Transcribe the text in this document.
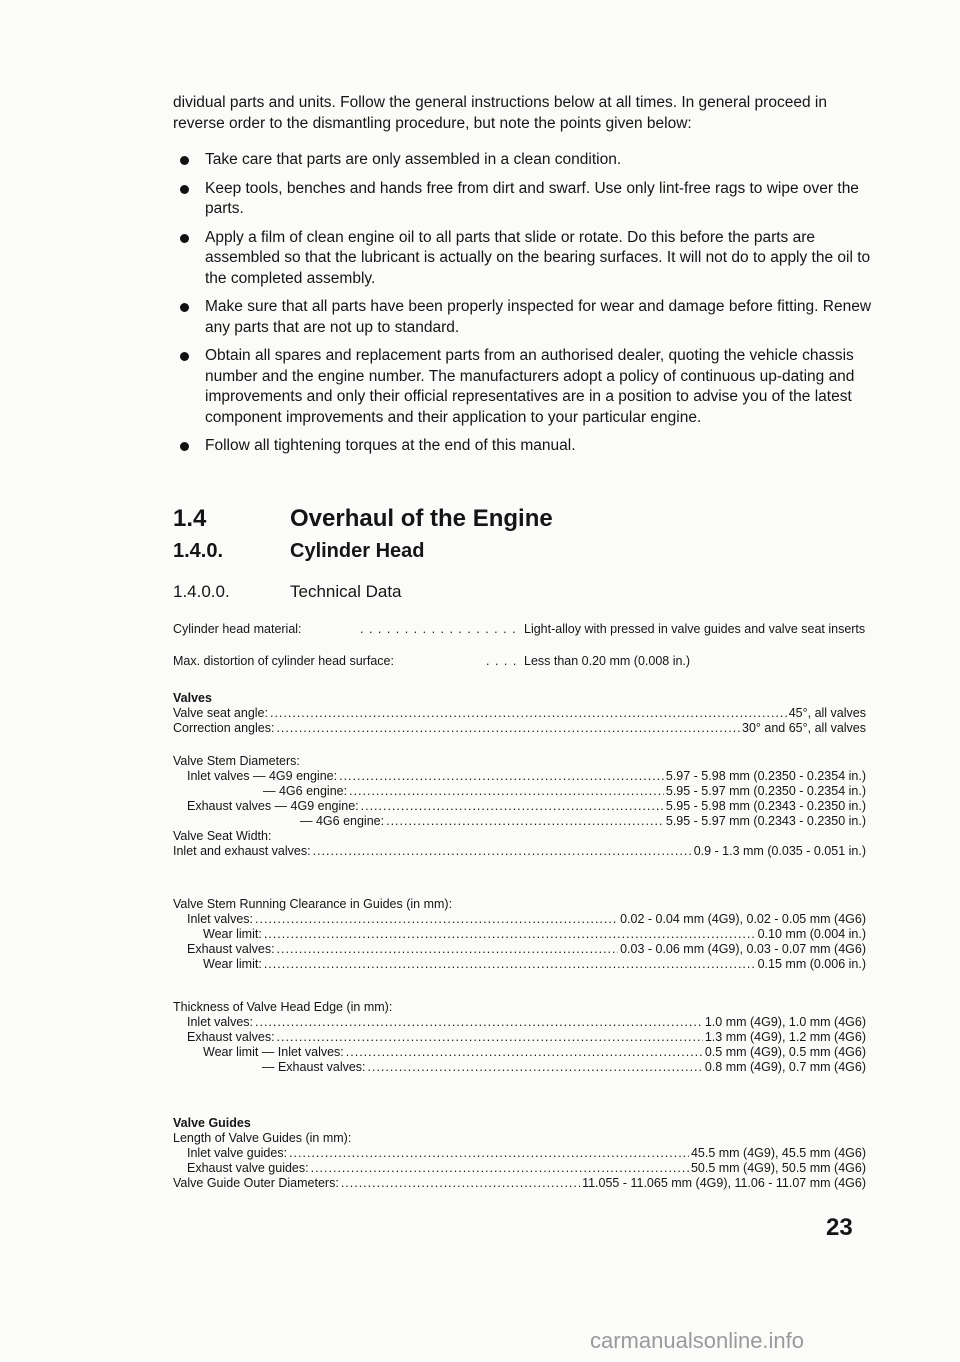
dividual parts and units. Follow the general instructions below at all times. In general proceed in reverse order to the dismantling procedure, but note the points given below:
Take care that parts are only assembled in a clean condition.
Keep tools, benches and hands free from dirt and swarf. Use only lint-free rags to wipe over the parts.
Apply a film of clean engine oil to all parts that slide or rotate. Do this before the parts are assembled so that the lubricant is actually on the bearing surfaces. It will not do to apply the oil to the completed assembly.
Make sure that all parts have been properly inspected for wear and damage before fitting. Renew any parts that are not up to standard.
Obtain all spares and replacement parts from an authorised dealer, quoting the vehicle chassis number and the engine number. The manufacturers adopt a policy of continuous up-dating and improvements and only their official representatives are in a position to advise you of the latest component improvements and their application to your particular engine.
Follow all tightening torques at the end of this manual.
1.4	Overhaul of the Engine
1.4.0.	Cylinder Head
1.4.0.0.	Technical Data
Cylinder head material:	. . . . . . . . . . . . . . . . . . Light-alloy with pressed in valve guides and valve seat inserts
Max. distortion of cylinder head surface:	. . . . Less than 0.20 mm (0.008 in.)
Valves
Valve seat angle: .....	45°, all valves
Correction angles: .....	30° and 65°, all valves
Valve Stem Diameters:
Inlet valves — 4G9 engine: .....	5.97 - 5.98 mm (0.2350 - 0.2354 in.)
— 4G6 engine: .....	5.95 - 5.97 mm (0.2350 - 0.2354 in.)
Exhaust valves — 4G9 engine: .....	5.95 - 5.98 mm (0.2343 - 0.2350 in.)
— 4G6 engine: .....	5.95 - 5.97 mm (0.2343 - 0.2350 in.)
Valve Seat Width:
Inlet and exhaust valves: .....	0.9 - 1.3 mm (0.035 - 0.051 in.)
Valve Stem Running Clearance in Guides (in mm):
Inlet valves: .....	0.02 - 0.04 mm (4G9), 0.02 - 0.05 mm (4G6)
Wear limit: .....	0.10 mm (0.004 in.)
Exhaust valves: .....	0.03 - 0.06 mm (4G9), 0.03 - 0.07 mm (4G6)
Wear limit: .....	0.15 mm (0.006 in.)
Thickness of Valve Head Edge (in mm):
Inlet valves: .....	1.0 mm (4G9), 1.0 mm (4G6)
Exhaust valves: .....	1.3 mm (4G9), 1.2 mm (4G6)
Wear limit — Inlet valves: .....	0.5 mm (4G9), 0.5 mm (4G6)
— Exhaust valves: .....	0.8 mm (4G9), 0.7 mm (4G6)
Valve Guides
Length of Valve Guides (in mm):
Inlet valve guides: .....	45.5 mm (4G9), 45.5 mm (4G6)
Exhaust valve guides: .....	50.5 mm (4G9), 50.5 mm (4G6)
Valve Guide Outer Diameters: .....	11.055 - 11.065 mm (4G9), 11.06 - 11.07 mm (4G6)
23
carmanualsonline.info
